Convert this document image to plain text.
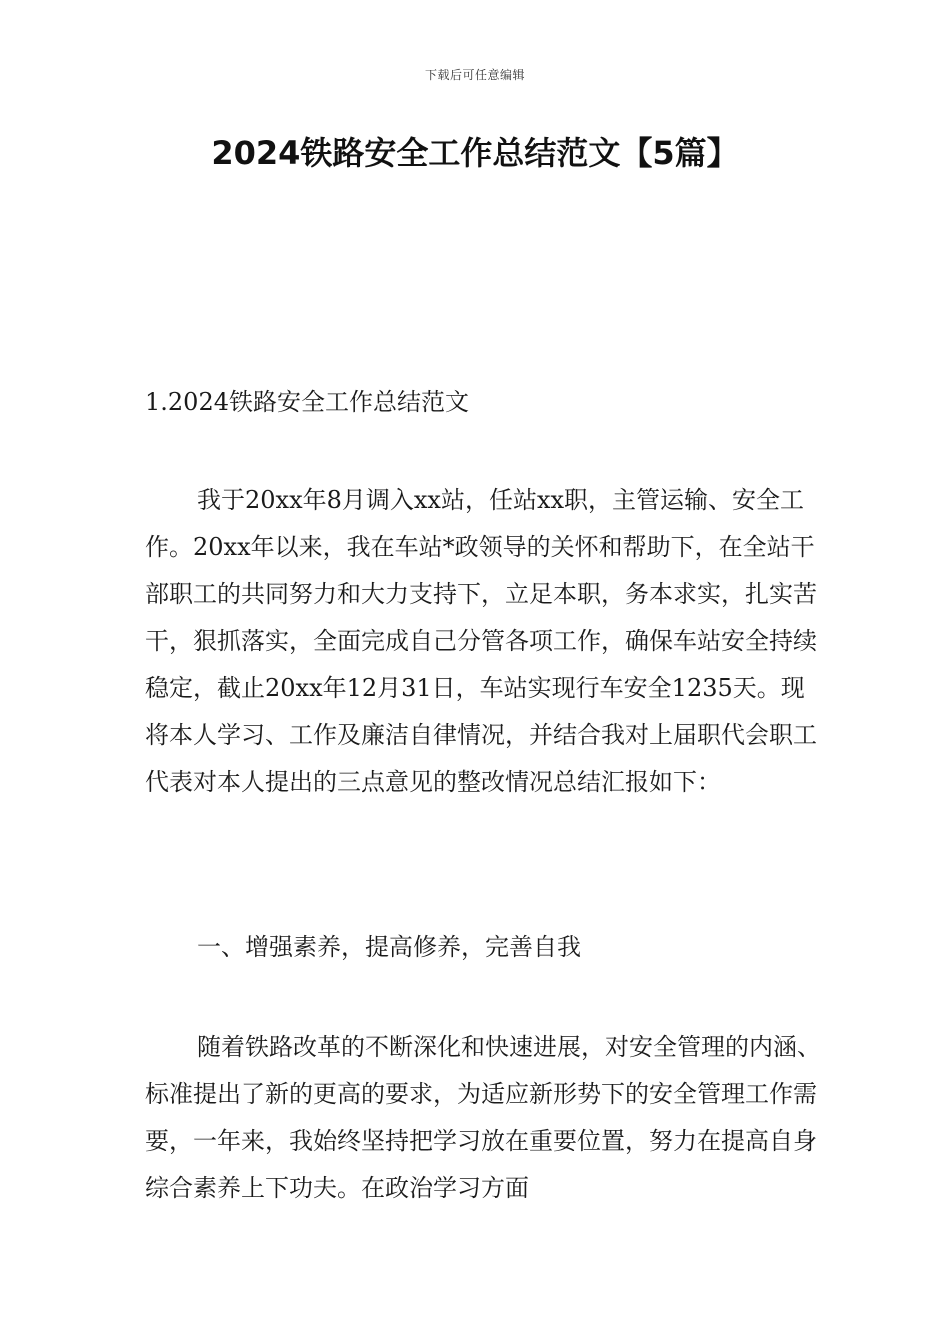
下载后可任意编辑
2024铁路安全工作总结范文【5篇】
1.2024铁路安全工作总结范文

我于20xx年8月调入xx站，任站xx职，主管运输、安全工作。20xx年以来，我在车站*政领导的关怀和帮助下，在全站干部职工的共同努力和大力支持下，立足本职，务本求实，扎实苦干，狠抓落实，全面完成自己分管各项工作，确保车站安全持续稳定，截止20xx年12月31日，车站实现行车安全1235天。现将本人学习、工作及廉洁自律情况，并结合我对上届职代会职工代表对本人提出的三点意见的整改情况总结汇报如下：

一、增强素养，提高修养，完善自我

随着铁路改革的不断深化和快速进展，对安全管理的内涵、标准提出了新的更高的要求，为适应新形势下的安全管理工作需要，一年来，我始终坚持把学习放在重要位置，努力在提高自身综合素养上下功夫。在政治学习方面
